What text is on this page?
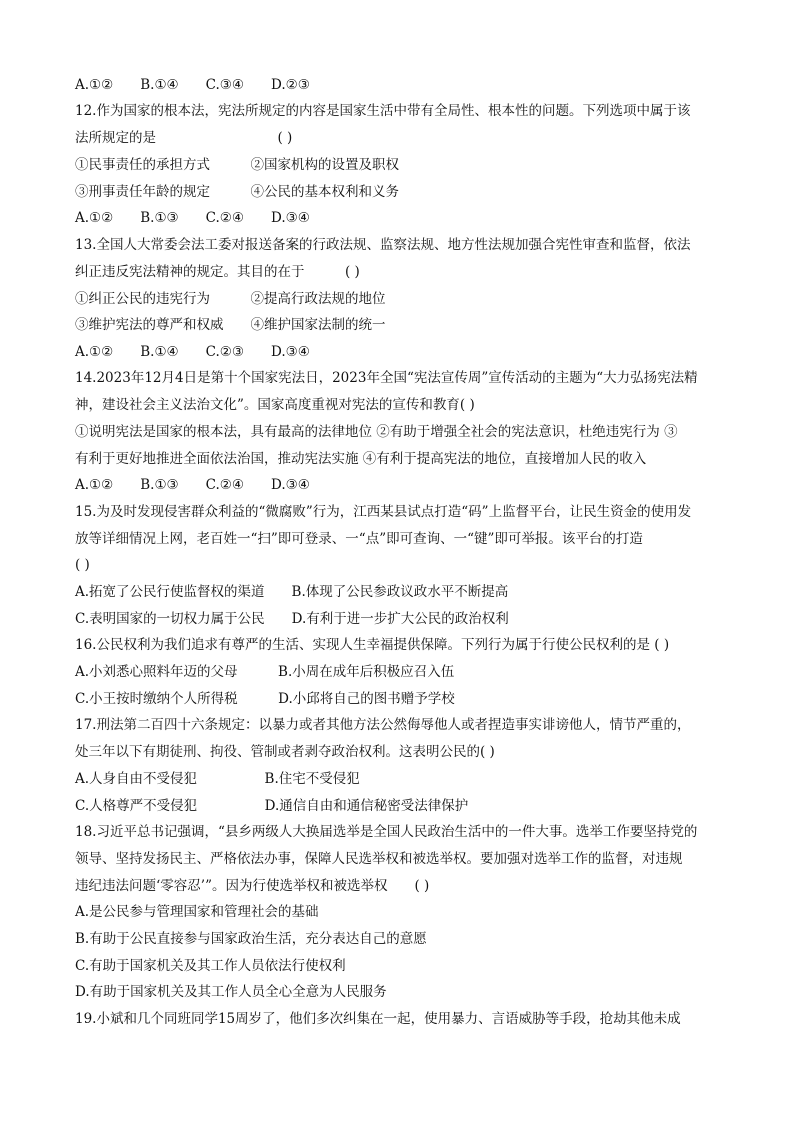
A.①②　　B.①④　　C.③④　　D.②③
12.作为国家的根本法，宪法所规定的内容是国家生活中带有全局性、根本性的问题。下列选项中属于该
法所规定的是　　　　　　　　　( )
①民事责任的承担方式　　　②国家机构的设置及职权
③刑事责任年龄的规定　　　④公民的基本权利和义务
A.①②　　B.①③　　C.②④　　D.③④
13.全国人大常委会法工委对报送备案的行政法规、监察法规、地方性法规加强合宪性审查和监督，依法
纠正违反宪法精神的规定。其目的在于　　　( )
①纠正公民的违宪行为　　　②提高行政法规的地位
③维护宪法的尊严和权威　　④维护国家法制的统一
A.①②　　B.①④　　C.②③　　D.③④
14.2023年12月4日是第十个国家宪法日，2023年全国“宪法宣传周”宣传活动的主题为“大力弘扬宪法精
神，建设社会主义法治文化”。国家高度重视对宪法的宣传和教育( )
①说明宪法是国家的根本法，具有最高的法律地位 ②有助于增强全社会的宪法意识，杜绝违宪行为 ③
有利于更好地推进全面依法治国，推动宪法实施 ④有利于提高宪法的地位，直接增加人民的收入
A.①②　　B.①③　　C.②④　　D.③④
15.为及时发现侵害群众利益的“微腐败”行为，江西某县试点打造“码”上监督平台，让民生资金的使用发
放等详细情况上网，老百姓一“扫”即可登录、一“点”即可查询、一“键”即可举报。该平台的打造
( )
A.拓宽了公民行使监督权的渠道　　B.体现了公民参政议政水平不断提高
C.表明国家的一切权力属于公民　　D.有利于进一步扩大公民的政治权利
16.公民权利为我们追求有尊严的生活、实现人生幸福提供保障。下列行为属于行使公民权利的是 ( )
A.小刘悉心照料年迈的父母　　　B.小周在成年后积极应召入伍
C.小王按时缴纳个人所得税　　　D.小邱将自己的图书赠予学校
17.刑法第二百四十六条规定：以暴力或者其他方法公然侮辱他人或者捏造事实诽谤他人，情节严重的，
处三年以下有期徒刑、拘役、管制或者剥夺政治权利。这表明公民的( )
A.人身自由不受侵犯　　　　　B.住宅不受侵犯
C.人格尊严不受侵犯　　　　　D.通信自由和通信秘密受法律保护
18.习近平总书记强调，“县乡两级人大换届选举是全国人民政治生活中的一件大事。选举工作要坚持党的
领导、坚持发扬民主、严格依法办事，保障人民选举权和被选举权。要加强对选举工作的监督，对违规
违纪违法问题‘零容忍’”。因为行使选举权和被选举权　　( )
A.是公民参与管理国家和管理社会的基础
B.有助于公民直接参与国家政治生活，充分表达自己的意愿
C.有助于国家机关及其工作人员依法行使权利
D.有助于国家机关及其工作人员全心全意为人民服务
19.小斌和几个同班同学15周岁了，他们多次纠集在一起，使用暴力、言语威胁等手段，抢劫其他未成
